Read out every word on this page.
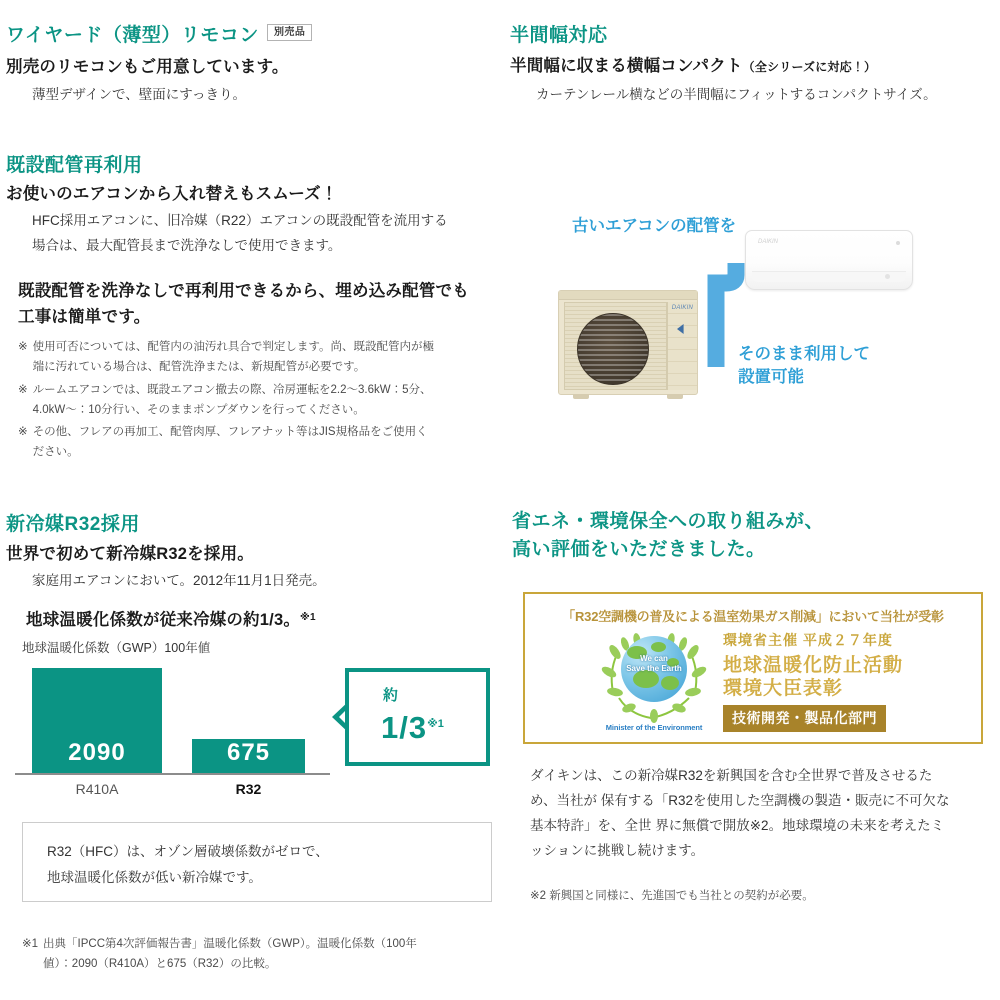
ワイヤード（薄型）リモコン 別売品
別売のリモコンもご用意しています。
薄型デザインで、壁面にすっきり。
既設配管再利用
お使いのエアコンから入れ替えもスムーズ！
HFC採用エアコンに、旧冷媒（R22）エアコンの既設配管を流用する
場合は、最大配管長まで洗浄なしで使用できます。
既設配管を洗浄なしで再利用できるから、埋め込み配管でも
工事は簡単です。
※ 使用可否については、配管内の油汚れ具合で判定します。尚、既設配管内が極
端に汚れている場合は、配管洗浄または、新規配管が必要です。
※ ルームエアコンでは、既設エアコン撤去の際、冷房運転を2.2〜3.6kW：5分、
4.0kW〜：10分行い、そのままポンプダウンを行ってください。
※ その他、フレアの再加工、配管肉厚、フレアナット等はJIS規格品をご使用く
ださい。
新冷媒R32採用
世界で初めて新冷媒R32を採用。
家庭用エアコンにおいて。2012年11月1日発売。
地球温暖化係数が従来冷媒の約1/3。$^{※1}$
地球温暖化係数（GWP）100年値
2090	675
R410A	R32
約
1/3$^{※1}$

R32（HFC）は、オゾン層破壊係数がゼロで、
地球温暖化係数が低い新冷媒です。

※1 出典「IPCC第4次評価報告書」温暖化係数（GWP）。温暖化係数（100年
値）：2090（R410A）と675（R32）の比較。
半間幅対応
半間幅に収まる横幅コンパクト（全シリーズに対応！）
カーテンレール横などの半間幅にフィットするコンパクトサイズ。
古いエアコンの配管を
DAIKIN
DAIKIN
そのまま利用して
設置可能
省エネ・環境保全への取り組みが、
高い評価をいただきました。
「R32空調機の普及による温室効果ガス削減」において当社が受彰
We can
Save the Earth
Minister of the Environment
環境省主催 平成２７年度
地球温暖化防止活動
環境大臣表彰
技術開発・製品化部門
ダイキンは、この新冷媒R32を新興国を含む全世界で普及させるた
め、当社が 保有する「R32を使用した空調機の製造・販売に不可欠な
基本特許」を、全世 界に無償で開放※2。地球環境の未来を考えたミ
ッションに挑戦し続けます。
※2 新興国と同様に、先進国でも当社との契約が必要。
